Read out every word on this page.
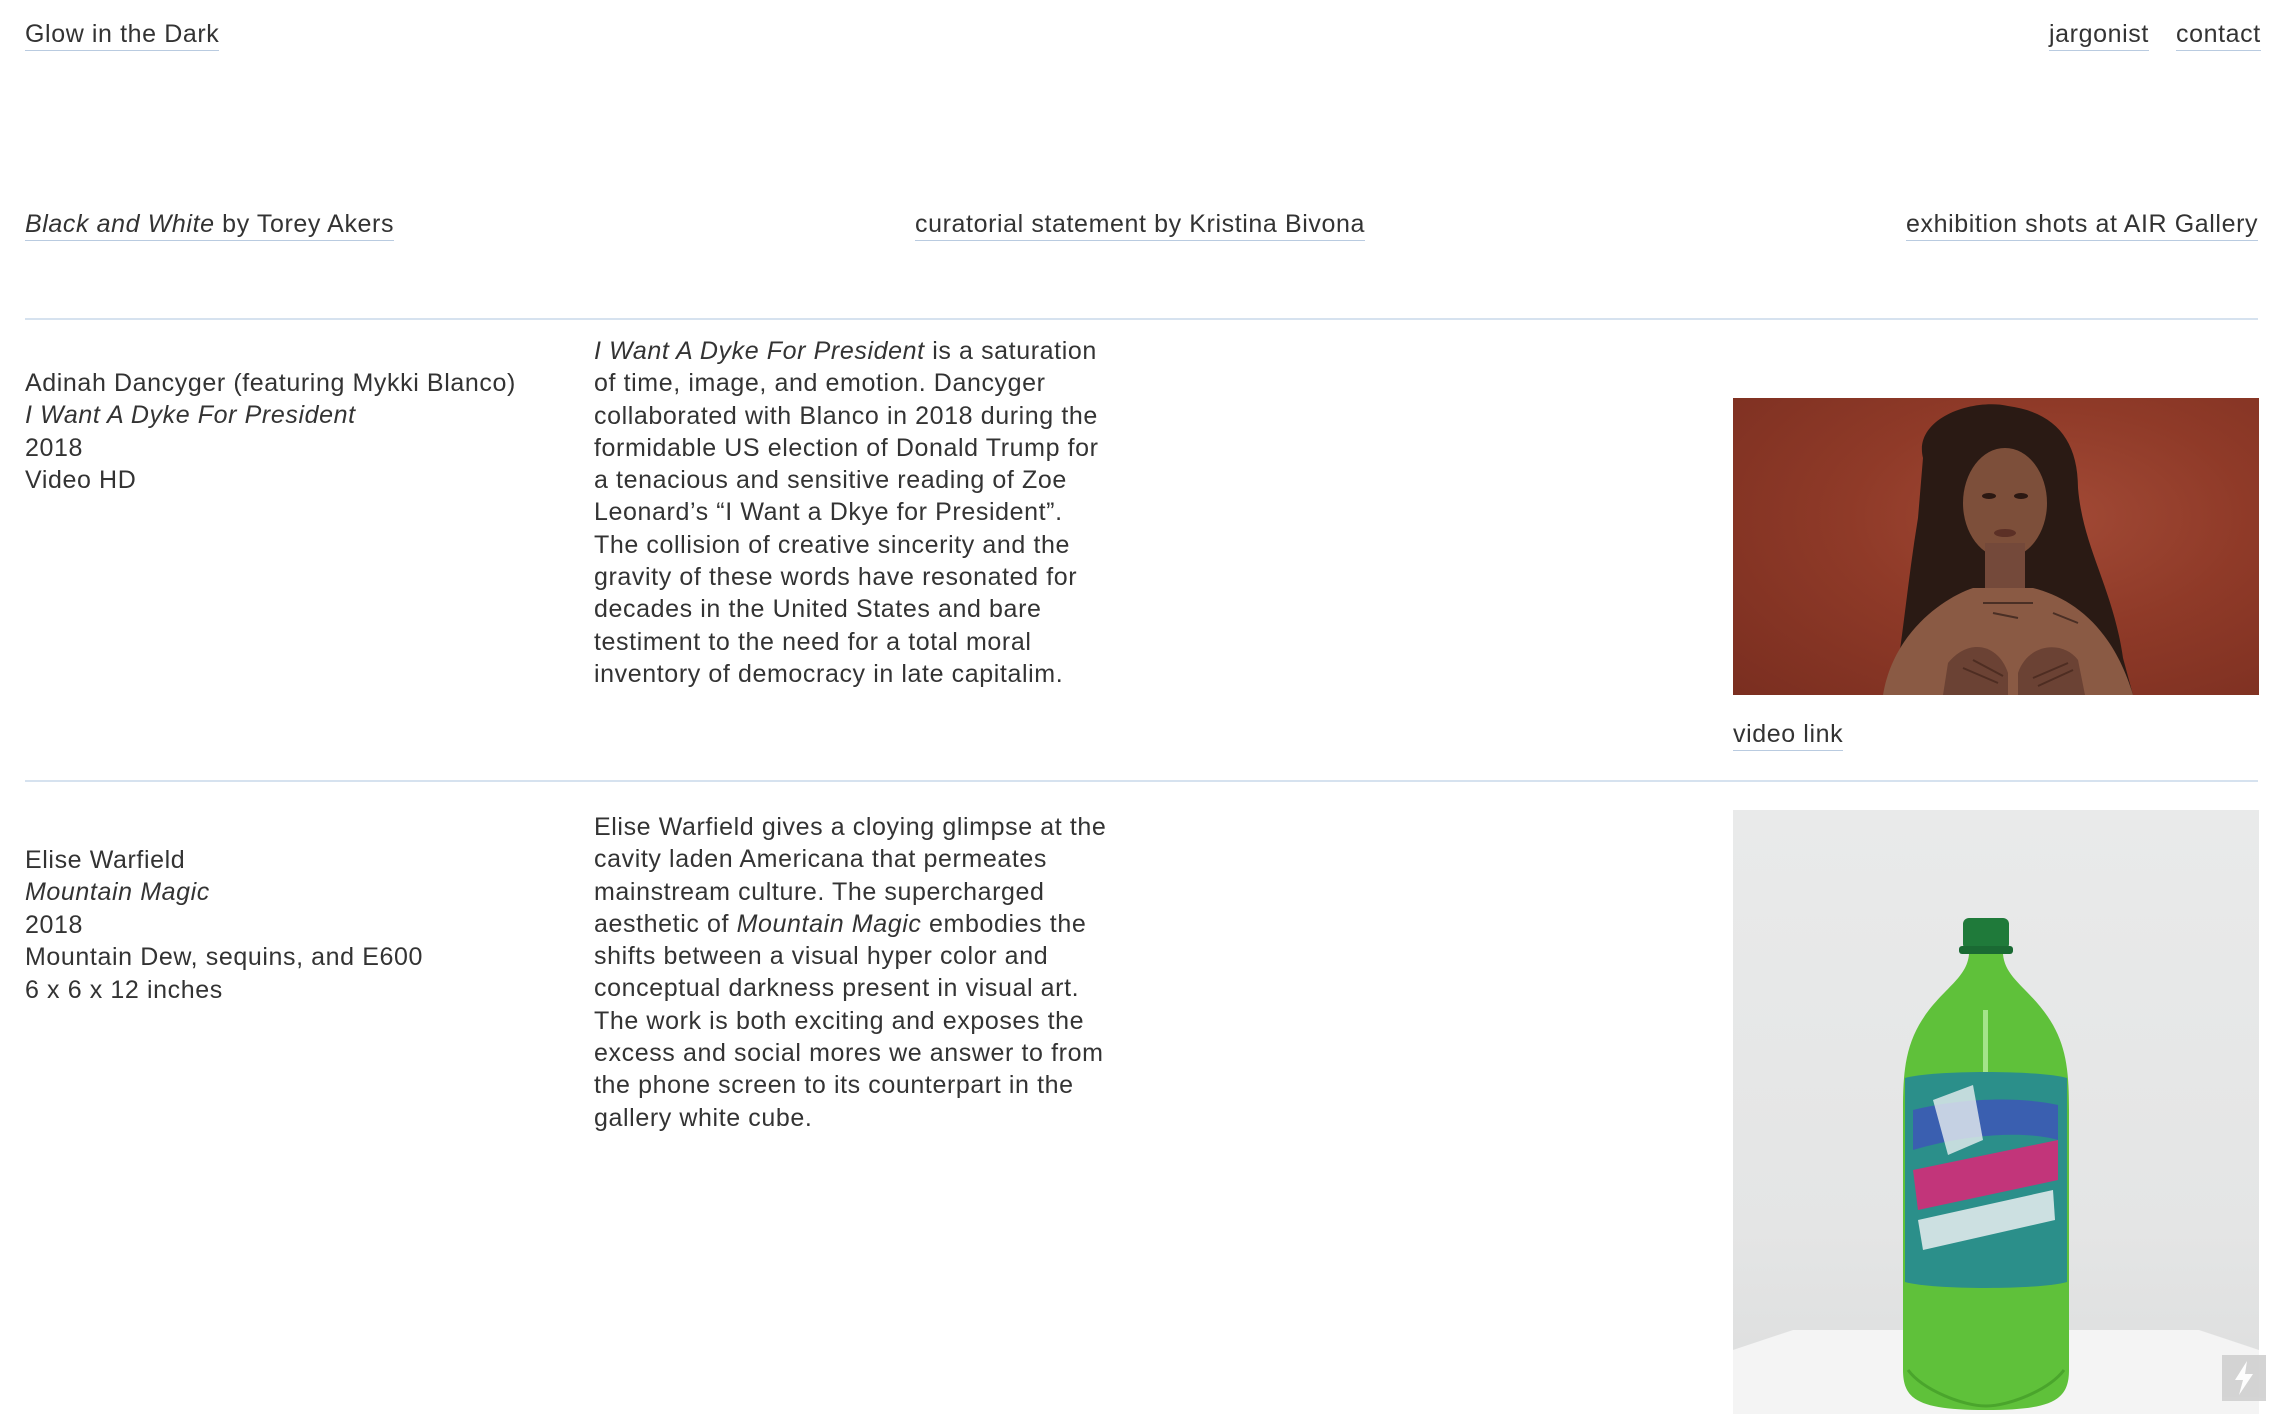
Glow in the Dark	jargonist contact
Black and White by Torey Akers	curatorial statement by Kristina Bivona	exhibition shots at AIR Gallery
Adinah Dancyger (featuring Mykki Blanco)
I Want A Dyke For President
2018
Video HD
I Want A Dyke For President is a saturation
of time, image, and emotion. Dancyger
collaborated with Blanco in 2018 during the
formidable US election of Donald Trump for
a tenacious and sensitive reading of Zoe
Leonard’s “I Want a Dkye for President”.
The collision of creative sincerity and the
gravity of these words have resonated for
decades in the United States and bare
testiment to the need for a total moral
inventory of democracy in late capitalim.
video link
Elise Warfield
Mountain Magic
2018
Mountain Dew, sequins, and E600
6 x 6 x 12 inches
Elise Warfield gives a cloying glimpse at the
cavity laden Americana that permeates
mainstream culture. The supercharged
aesthetic of Mountain Magic embodies the
shifts between a visual hyper color and
conceptual darkness present in visual art.
The work is both exciting and exposes the
excess and social mores we answer to from
the phone screen to its counterpart in the
gallery white cube.
